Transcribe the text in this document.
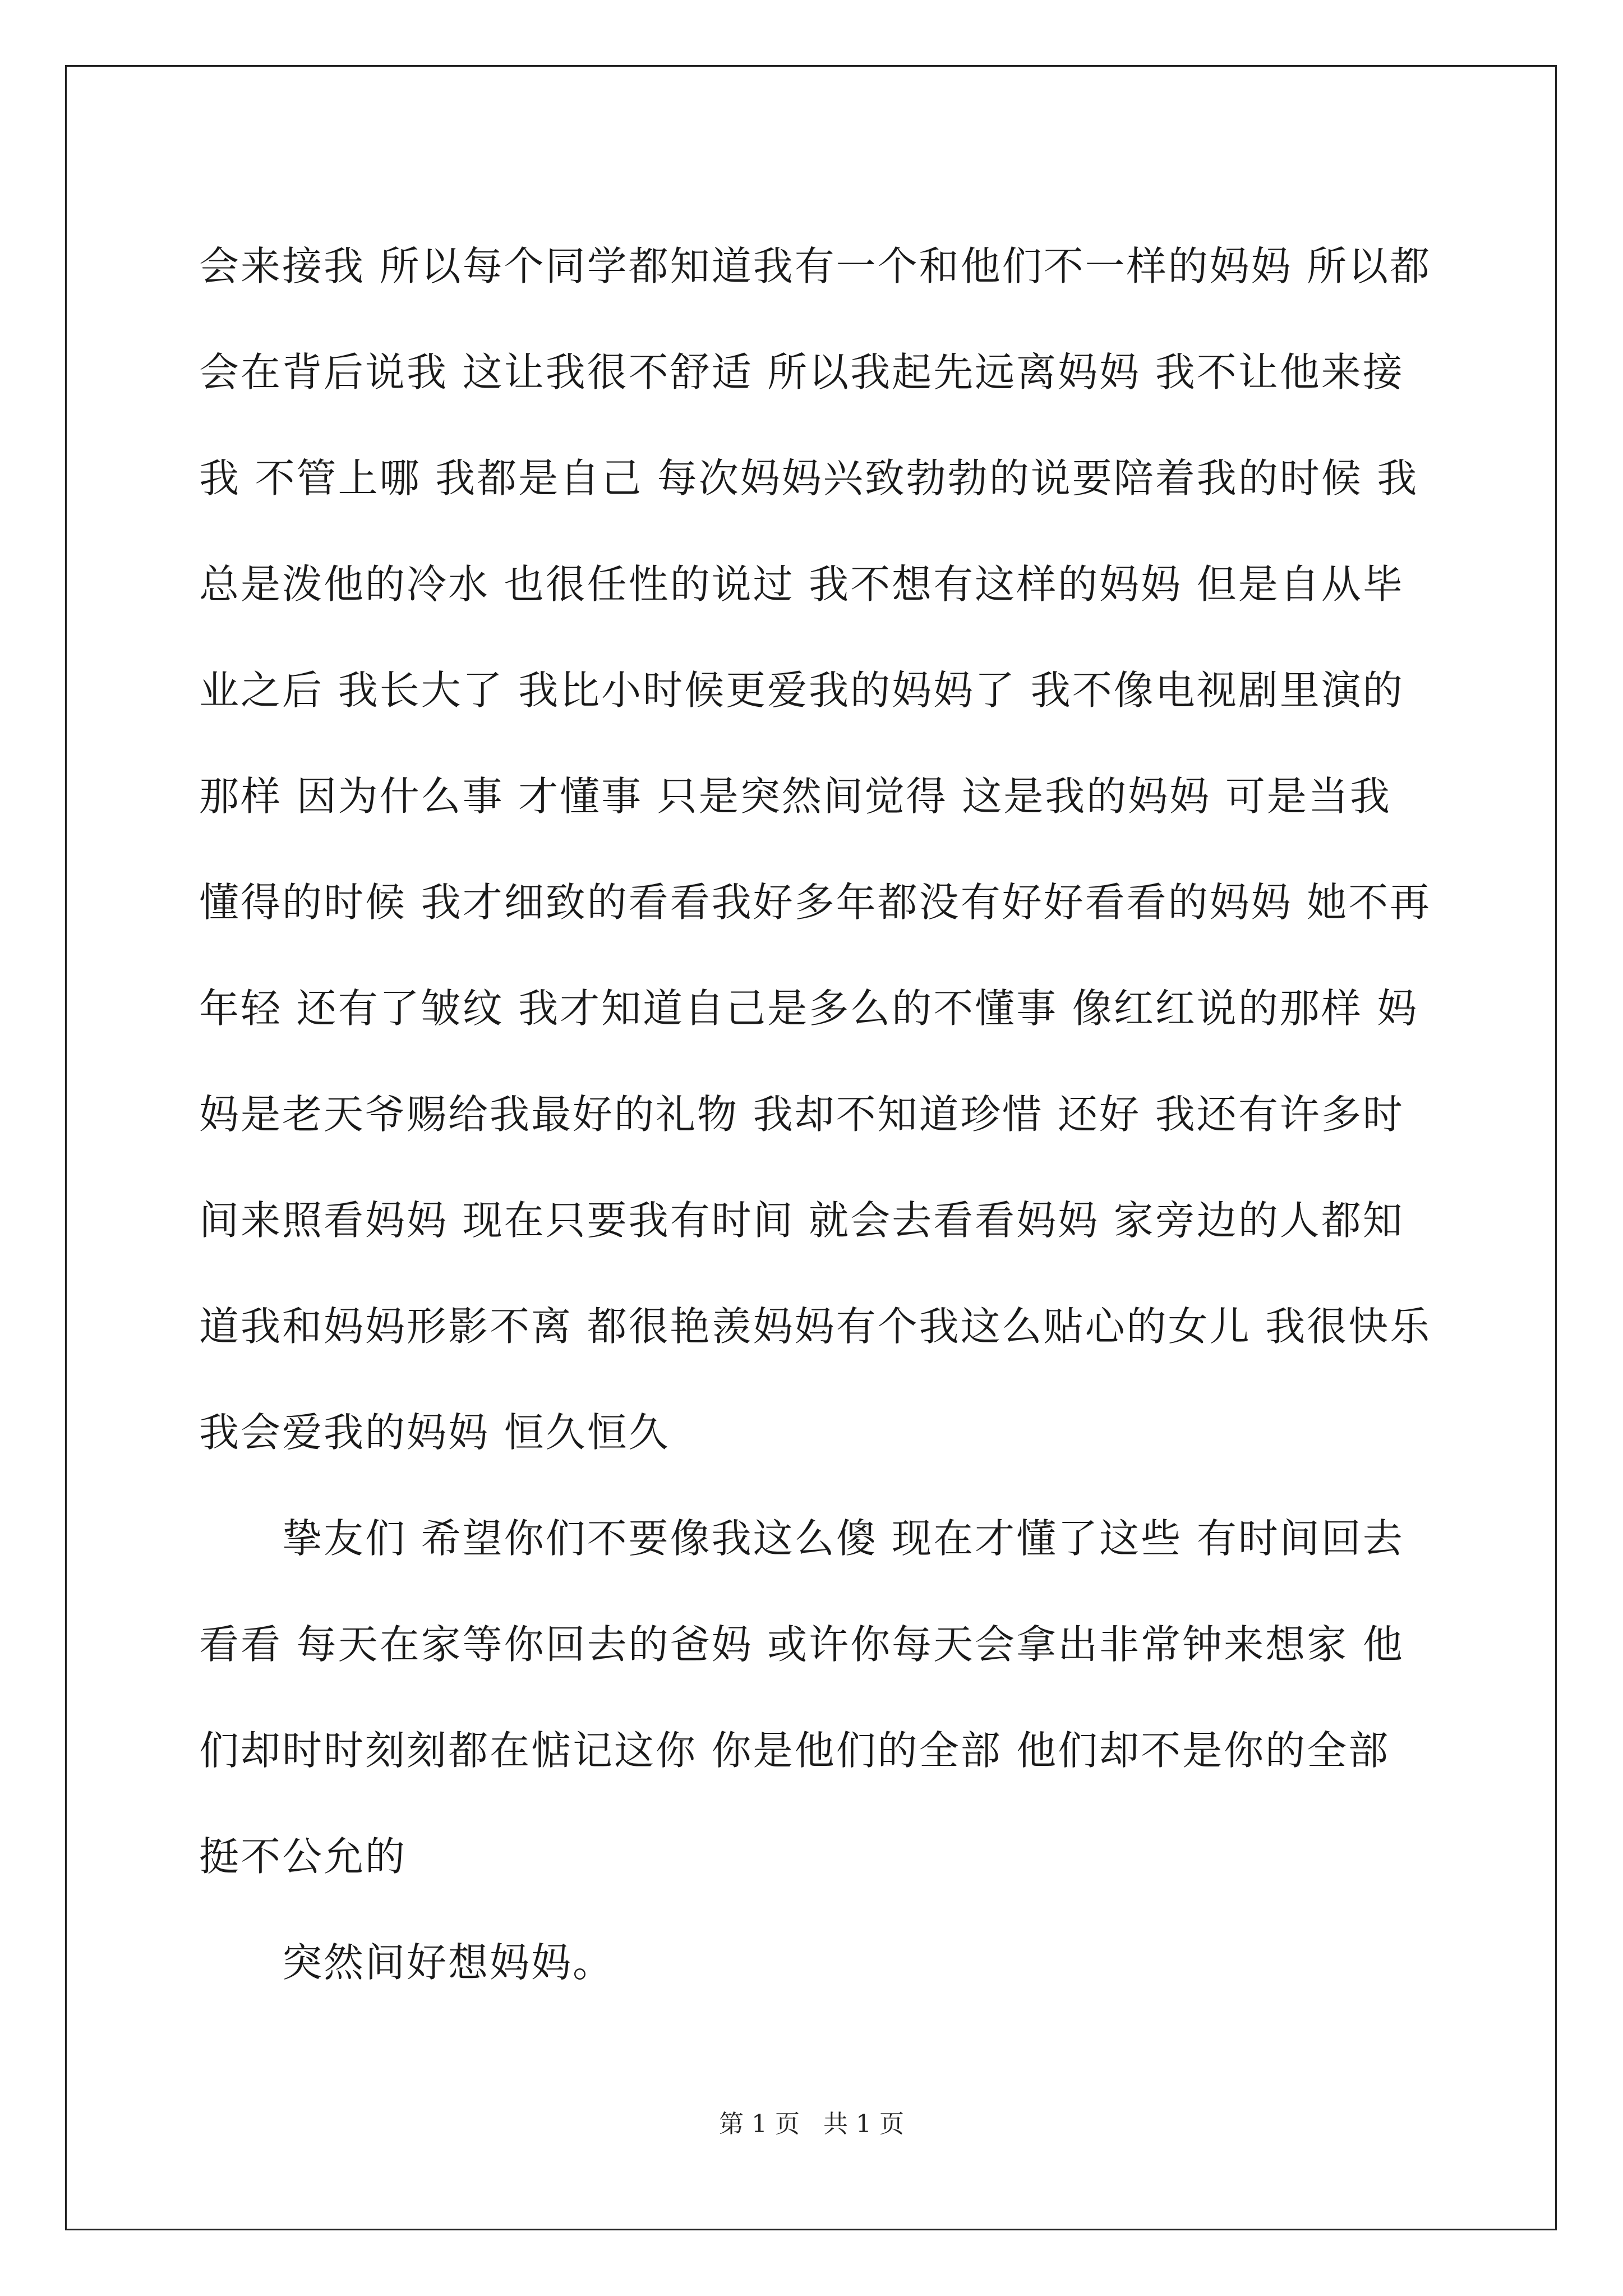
会来接我 所以每个同学都知道我有一个和他们不一样的妈妈 所以都
会在背后说我 这让我很不舒适 所以我起先远离妈妈 我不让他来接
我 不管上哪 我都是自己 每次妈妈兴致勃勃的说要陪着我的时候 我
总是泼他的冷水 也很任性的说过 我不想有这样的妈妈 但是自从毕
业之后 我长大了 我比小时候更爱我的妈妈了 我不像电视剧里演的
那样 因为什么事 才懂事 只是突然间觉得 这是我的妈妈 可是当我
懂得的时候 我才细致的看看我好多年都没有好好看看的妈妈 她不再
年轻 还有了皱纹 我才知道自己是多么的不懂事 像红红说的那样 妈
妈是老天爷赐给我最好的礼物 我却不知道珍惜 还好 我还有许多时
间来照看妈妈 现在只要我有时间 就会去看看妈妈 家旁边的人都知
道我和妈妈形影不离 都很艳羡妈妈有个我这么贴心的女儿 我很快乐
我会爱我的妈妈 恒久恒久
挚友们 希望你们不要像我这么傻 现在才懂了这些 有时间回去
看看 每天在家等你回去的爸妈 或许你每天会拿出非常钟来想家 他
们却时时刻刻都在惦记这你 你是他们的全部 他们却不是你的全部
挺不公允的
突然间好想妈妈。
第 1 页   共 1 页
